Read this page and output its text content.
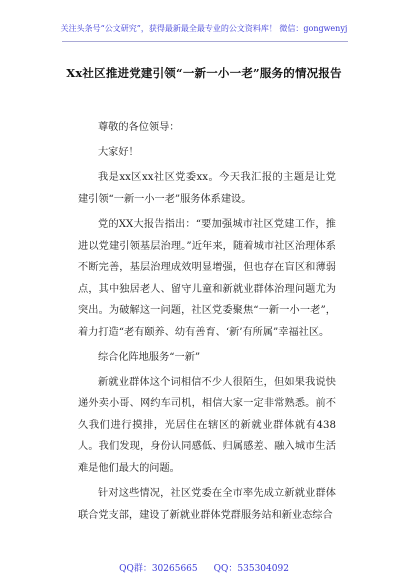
关注头条号“公文研究”，获得最新最全最专业的公文资料库！ 微信：gongwenyj
Xx社区推进党建引领“一新一小一老”服务的情况报告

尊敬的各位领导：

大家好！

我是xx区xx社区党委xx。今天我汇报的主题是让党建引领“一新一小一老”服务体系建设。

党的XX大报告指出：“要加强城市社区党建工作，推进以党建引领基层治理。”近年来，随着城市社区治理体系不断完善，基层治理成效明显增强，但也存在盲区和薄弱点，其中独居老人、留守儿童和新就业群体治理问题尤为突出。为破解这一问题，社区党委聚焦“一新一小一老”，着力打造“老有颐养、幼有善育、‘新’有所属”幸福社区。

综合化阵地服务“一新”

新就业群体这个词相信不少人很陌生，但如果我说快递外卖小哥、网约车司机，相信大家一定非常熟悉。前不久我们进行摸排，光居住在辖区的新就业群体就有438人。我们发现，身份认同感低、归属感差、融入城市生活难是他们最大的问题。

针对这些情况，社区党委在全市率先成立新就业群体联合党支部，建设了新就业群体党群服务站和新业态综合

QQ群：30265665 QQ：535304092
